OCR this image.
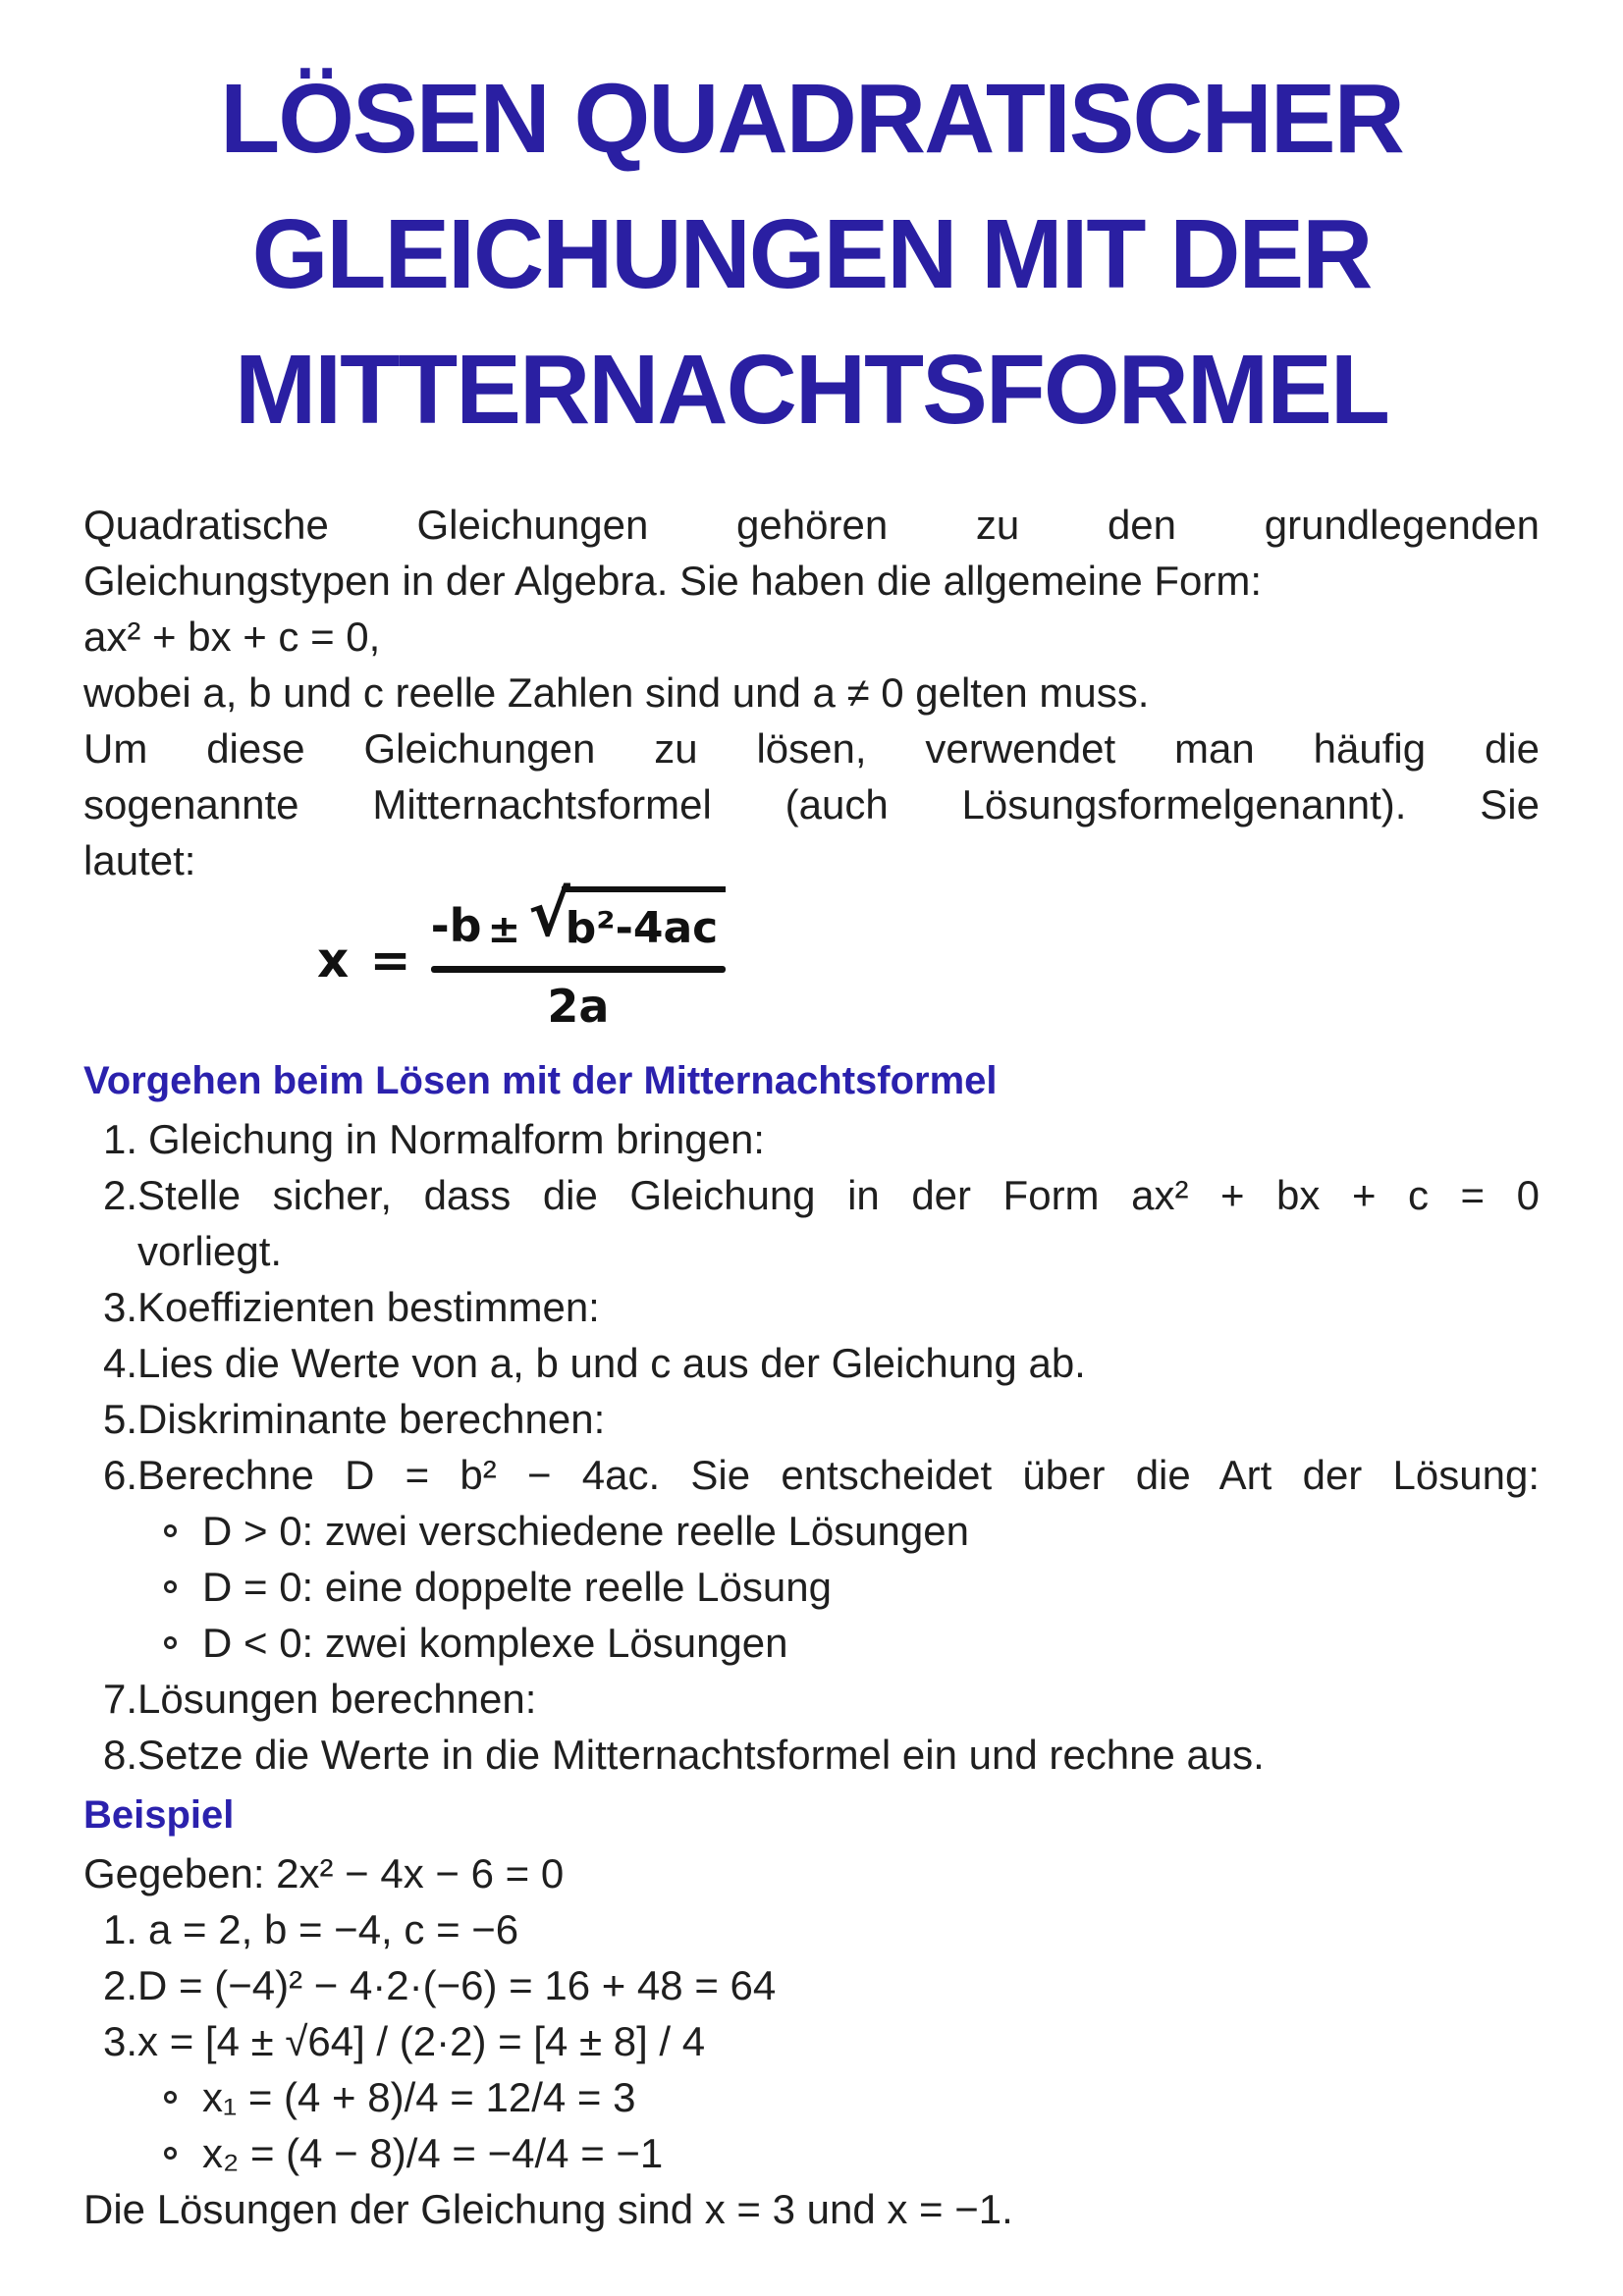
LÖSEN QUADRATISCHER
GLEICHUNGEN MIT DER
MITTERNACHTSFORMEL
Quadratische Gleichungen gehören zu den grundlegenden
Gleichungstypen in der Algebra. Sie haben die allgemeine Form:
ax² + bx + c = 0,
wobei a, b und c reelle Zahlen sind und a ≠ 0 gelten muss.
Um diese Gleichungen zu lösen, verwendet man häufig die
sogenannte Mitternachtsformel (auch Lösungsformelgenannt). Sie
lautet:
x =
-b ± √
b²-4ac
2a
Vorgehen beim Lösen mit der Mitternachtsformel
1. Gleichung in Normalform bringen:
2. Stelle sicher, dass die Gleichung in der Form ax² + bx + c = 0
vorliegt.
3. Koeffizienten bestimmen:
4. Lies die Werte von a, b und c aus der Gleichung ab.
5. Diskriminante berechnen:
6. Berechne D = b² − 4ac. Sie entscheidet über die Art der Lösung:
D > 0: zwei verschiedene reelle Lösungen
D = 0: eine doppelte reelle Lösung
D < 0: zwei komplexe Lösungen
7. Lösungen berechnen:
8. Setze die Werte in die Mitternachtsformel ein und rechne aus.
Beispiel
Gegeben: 2x² − 4x − 6 = 0
1. a = 2, b = −4, c = −6
2. D = (−4)² − 4·2·(−6) = 16 + 48 = 64
3. x = [4 ± √64] / (2·2) = [4 ± 8] / 4
x₁ = (4 + 8)/4 = 12/4 = 3
x₂ = (4 − 8)/4 = −4/4 = −1
Die Lösungen der Gleichung sind x = 3 und x = −1.
